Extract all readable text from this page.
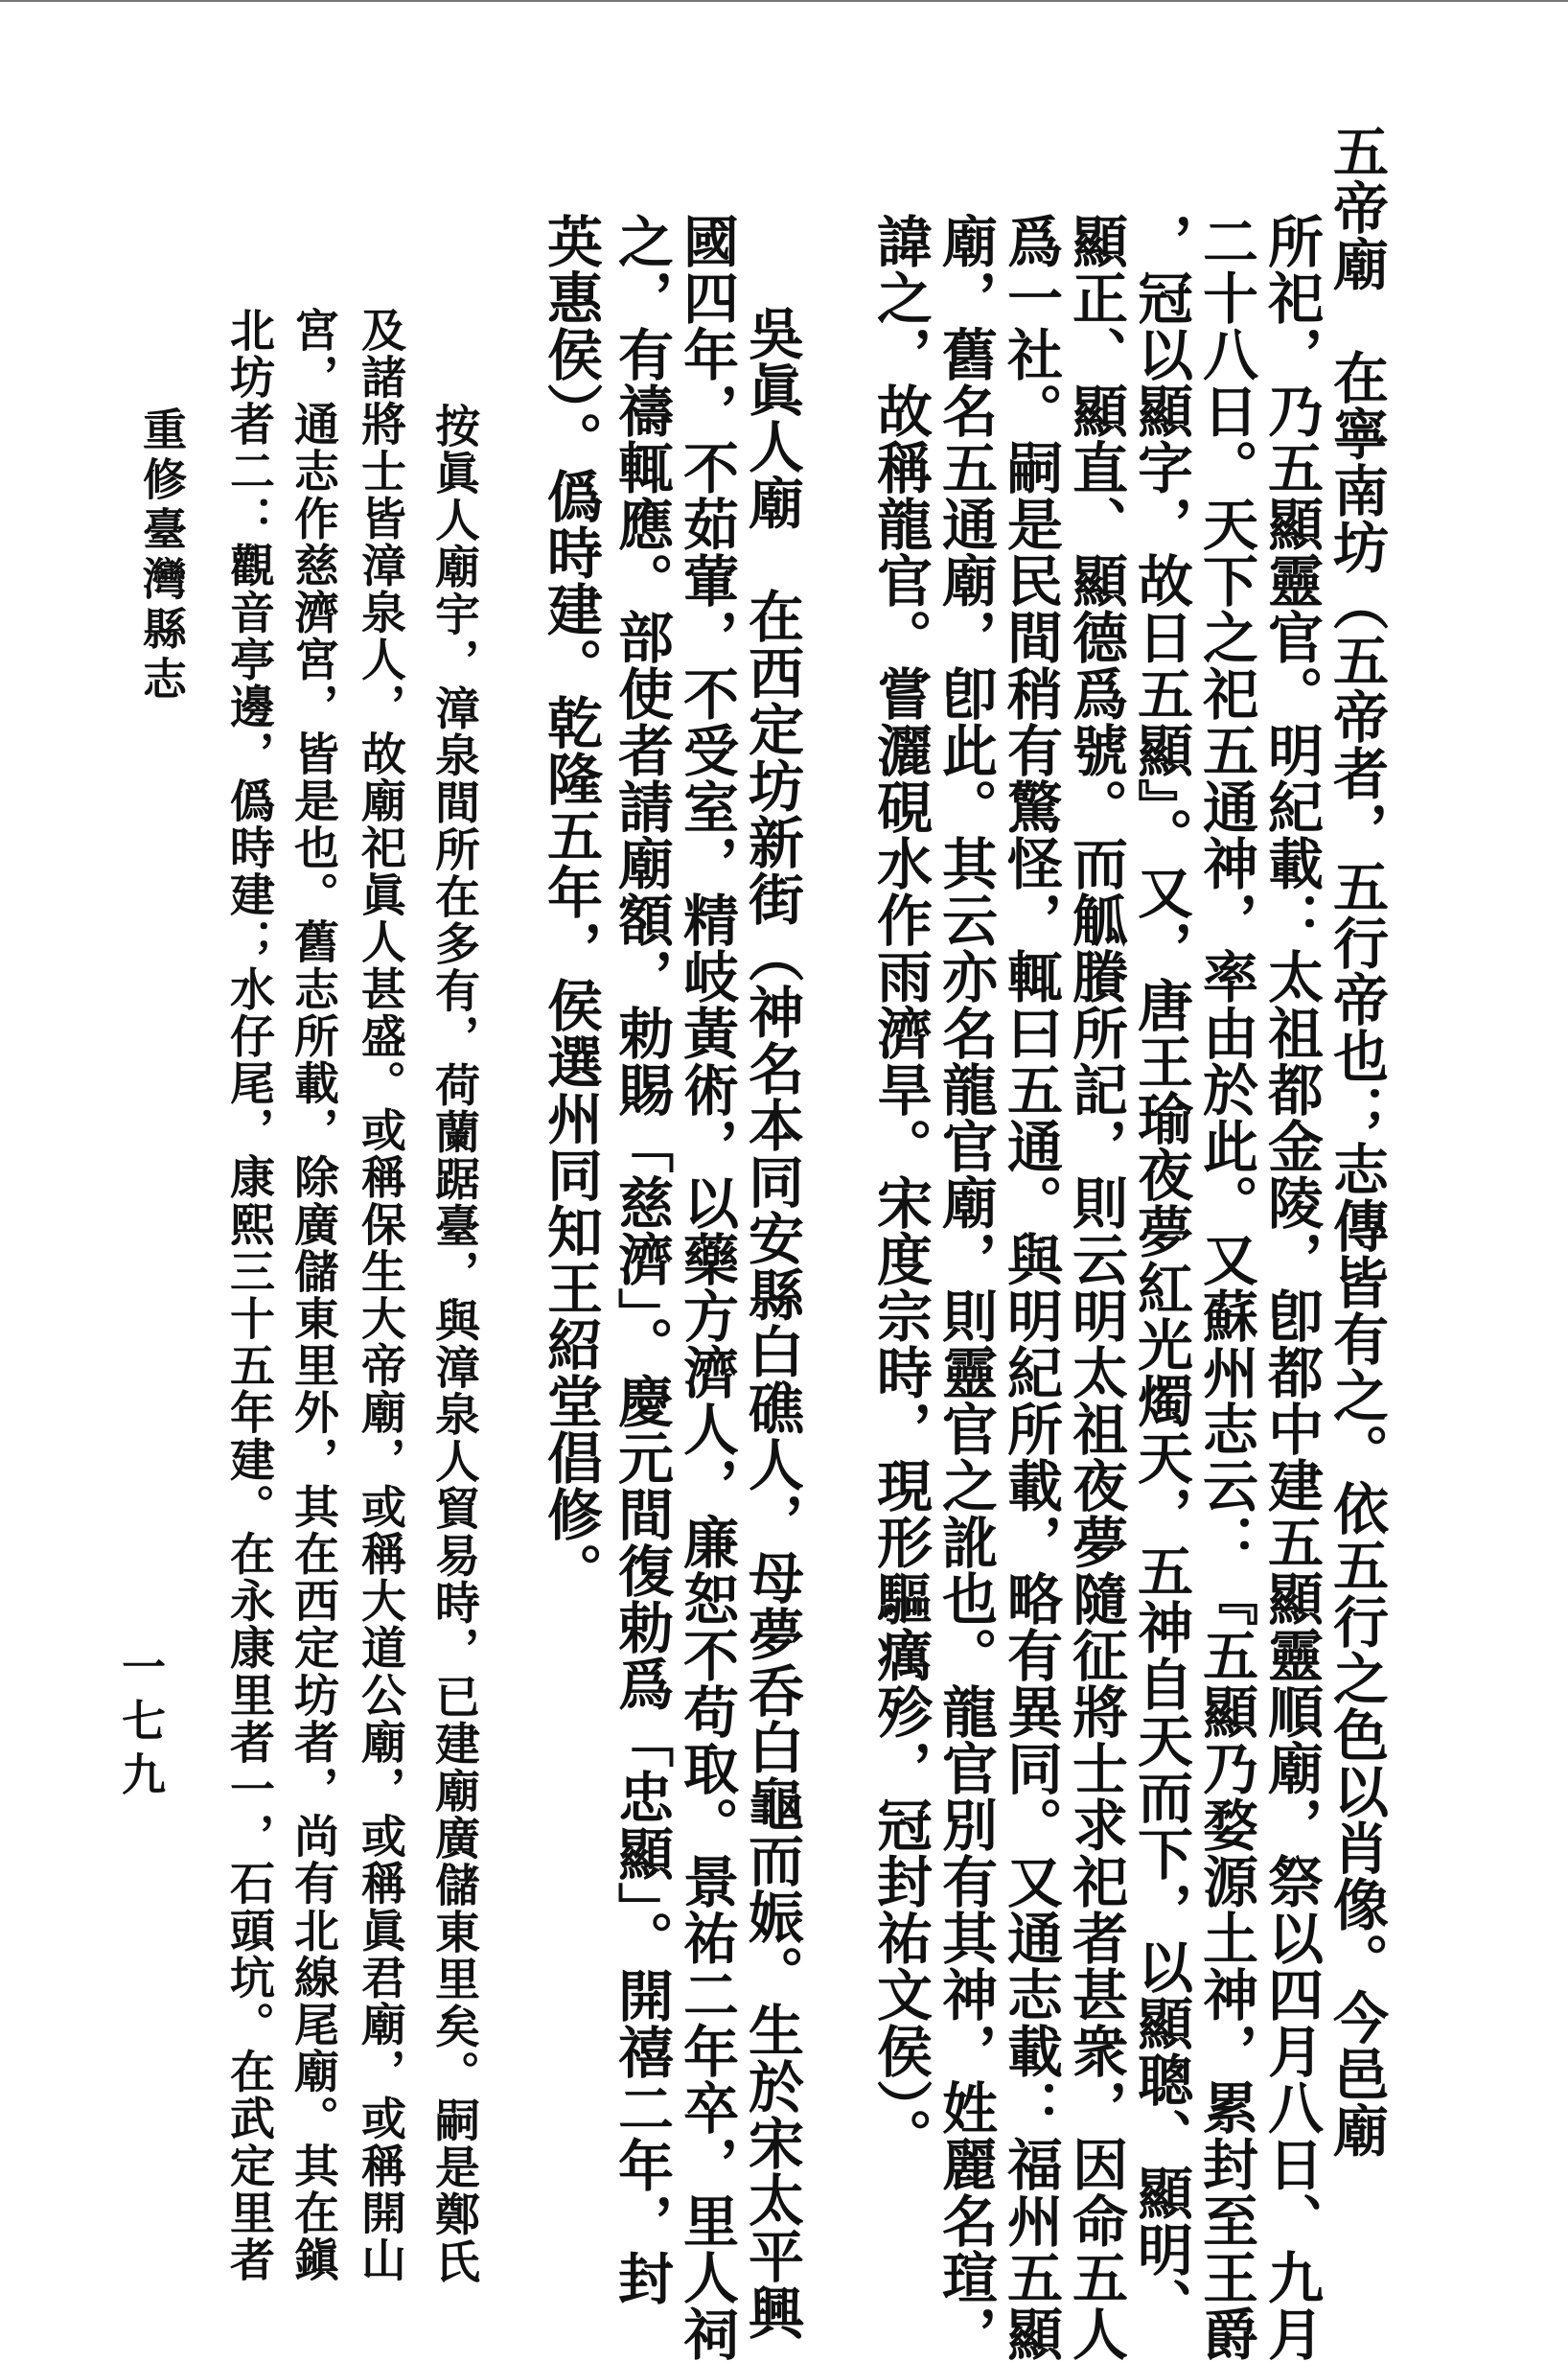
五帝廟　在寧南坊（五帝者，五行帝也；志傳皆有之。依五行之色以肖像。今邑廟
所祀，乃五顯靈官。明紀載：太祖都金陵，卽都中建五顯靈順廟，祭以四月八日、九月
二十八日。天下之祀五通神，率由於此。又蘇州志云：『五顯乃婺源土神，累封至王爵
，冠以顯字，故日五顯』。又，唐王瑜夜夢紅光燭天，五神自天而下，以顯聰、顯明、
顯正、顯直、顯德爲號。而觚賸所記，則云明太祖夜夢隨征將士求祀者甚衆，因命五人
爲一社。嗣是民間稍有驚怪，輒曰五通。與明紀所載，略有異同。又通志載：福州五顯
廟，舊名五通廟，卽此。其云亦名龍官廟，則靈官之訛也。龍官別有其神，姓麗名瑄，
諱之，故稱龍官。嘗灑硯水作雨濟旱。宋度宗時，現形驅癘殄，冠封祐文侯）。
吳眞人廟　在西定坊新街（神名本同安縣白礁人，母夢呑白龜而娠。生於宋太平興
國四年，不茹葷，不受室，精岐黃術，以藥方濟人，廉恕不苟取。景祐二年卒，里人祠
之，有禱輒應。部使者請廟額，勅賜「慈濟」。慶元間復勅爲「忠顯」。開禧二年，封
英惠侯）。僞時建。乾隆五年，侯選州同知王紹堂倡修。
按眞人廟宇，漳泉間所在多有，荷蘭踞臺，與漳泉人貿易時，已建廟廣儲東里矣。嗣是鄭氏
及諸將士皆漳泉人，故廟祀眞人甚盛。或稱保生大帝廟，或稱大道公廟，或稱眞君廟，或稱開山
宮，通志作慈濟宮，皆是也。舊志所載，除廣儲東里外，其在西定坊者，尚有北線尾廟。其在鎭
北坊者二：觀音亭邊，僞時建；水仔尾，康熙三十五年建。在永康里者一，石頭坑。在武定里者
重修臺灣縣志
一七九
